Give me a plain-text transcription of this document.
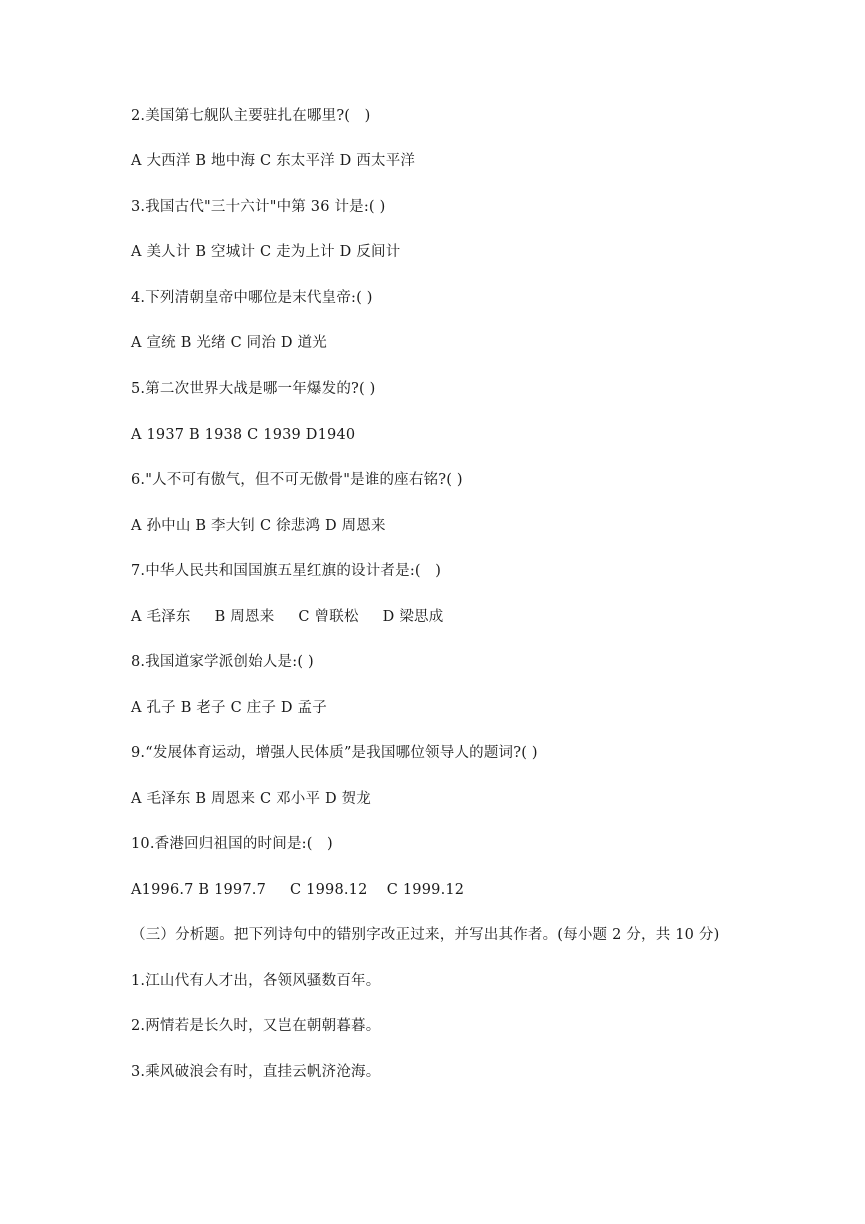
2.美国第七舰队主要驻扎在哪里?(   )
A 大西洋 B 地中海 C 东太平洋 D 西太平洋
3.我国古代"三十六计"中第 36 计是:( )
A 美人计 B 空城计 C 走为上计 D 反间计
4.下列清朝皇帝中哪位是末代皇帝:( )
A 宣统 B 光绪 C 同治 D 道光
5.第二次世界大战是哪一年爆发的?( )
A 1937 B 1938 C 1939 D1940
6."人不可有傲气，但不可无傲骨"是谁的座右铭?( )
A 孙中山 B 李大钊 C 徐悲鸿 D 周恩来
7.中华人民共和国国旗五星红旗的设计者是:(   )
A 毛泽东     B 周恩来     C 曾联松     D 梁思成
8.我国道家学派创始人是:( )
A 孔子 B 老子 C 庄子 D 孟子
9.“发展体育运动，增强人民体质”是我国哪位领导人的题词?( )
A 毛泽东 B 周恩来 C 邓小平 D 贺龙
10.香港回归祖国的时间是:(   )
A1996.7 B 1997.7     C 1998.12    C 1999.12
（三）分析题。把下列诗句中的错别字改正过来，并写出其作者。(每小题 2 分，共 10 分)
1.江山代有人才出，各领风骚数百年。
2.两情若是长久时，又岂在朝朝暮暮。
3.乘风破浪会有时，直挂云帆济沧海。
